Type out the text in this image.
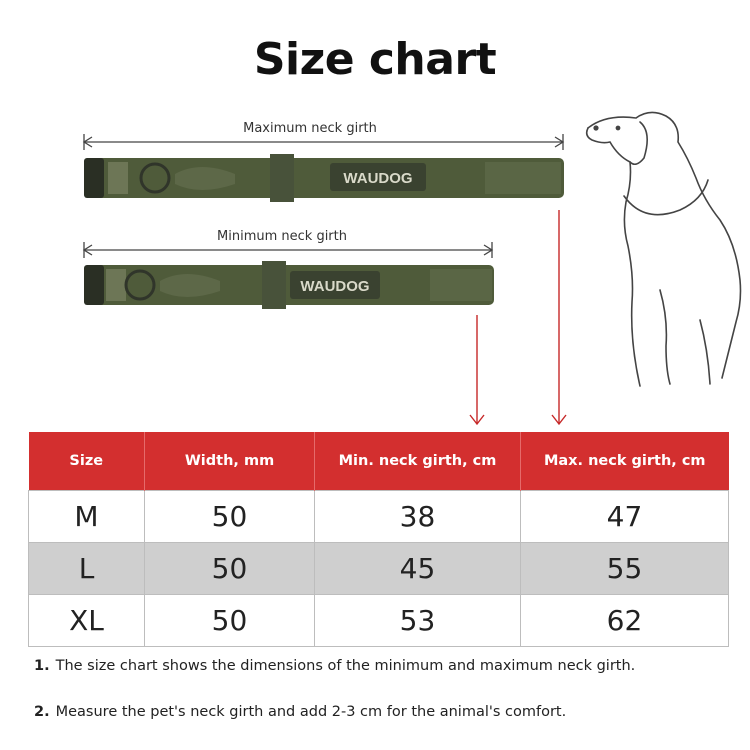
Size chart
Maximum neck girth
Minimum neck girth
WAUDOG
WAUDOG
Size	Width, mm	Min. neck girth, cm	Max. neck girth, cm
M	50	38	47
L	50	45	55
XL	50	53	62
1. The size chart shows the dimensions of the minimum and maximum neck girth.
2. Measure the pet's neck girth and add 2-3 cm for the animal's comfort.
